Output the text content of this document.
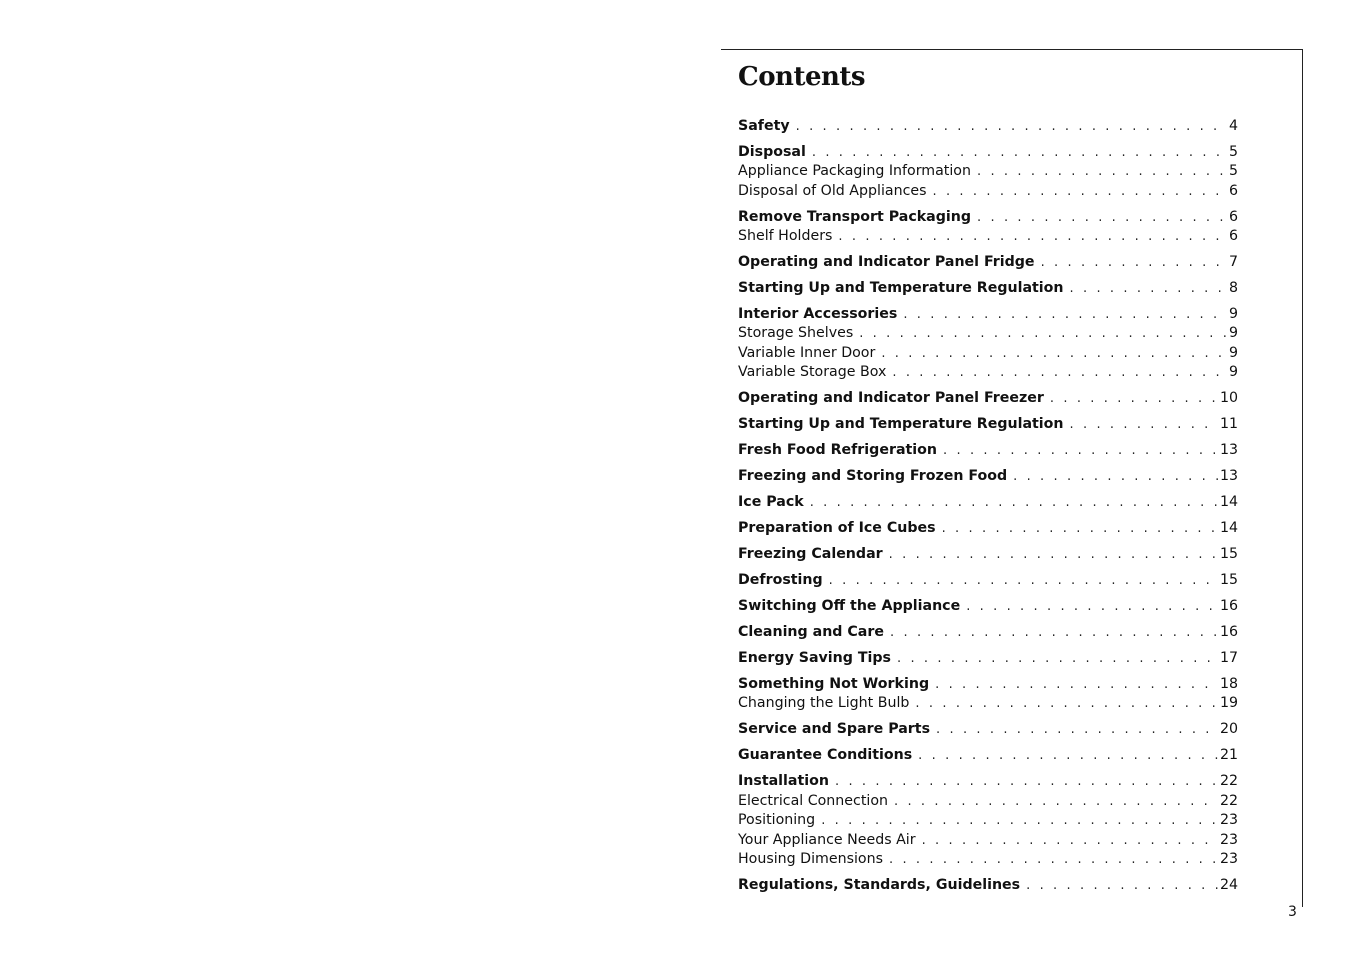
Contents
Safety . . .	4
Disposal . . .	5
Appliance Packaging Information . . .	5
Disposal of Old Appliances . . .	6
Remove Transport Packaging . . .	6
Shelf Holders . . .	6
Operating and Indicator Panel Fridge . . .	7
Starting Up and Temperature Regulation . . .	8
Interior Accessories . . .	9
Storage Shelves . . .	9
Variable Inner Door . . .	9
Variable Storage Box . . .	9
Operating and Indicator Panel Freezer . . .	10
Starting Up and Temperature Regulation . . .	11
Fresh Food Refrigeration . . .	13
Freezing and Storing Frozen Food . . .	13
Ice Pack . . .	14
Preparation of Ice Cubes . . .	14
Freezing Calendar . . .	15
Defrosting . . .	15
Switching Off the Appliance . . .	16
Cleaning and Care . . .	16
Energy Saving Tips . . .	17
Something Not Working . . .	18
Changing the Light Bulb . . .	19
Service and Spare Parts . . .	20
Guarantee Conditions . . .	21
Installation . . .	22
Electrical Connection . . .	22
Positioning . . .	23
Your Appliance Needs Air . . .	23
Housing Dimensions . . .	23
Regulations, Standards, Guidelines . . .	24
3
